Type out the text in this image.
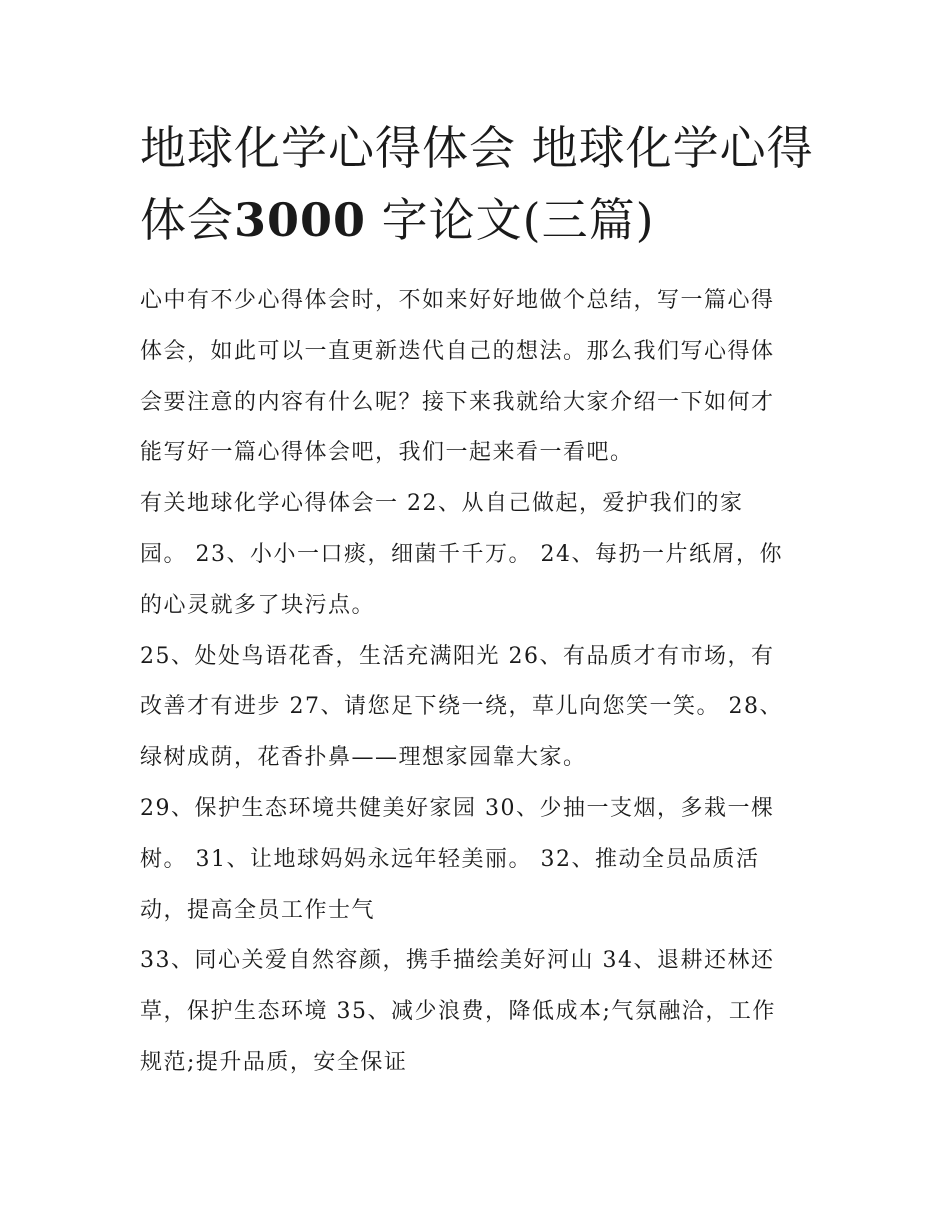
地球化学心得体会 地球化学心得体会3000 字论文(三篇)

心中有不少心得体会时，不如来好好地做个总结，写一篇心得
体会，如此可以一直更新迭代自己的想法。那么我们写心得体
会要注意的内容有什么呢？接下来我就给大家介绍一下如何才
能写好一篇心得体会吧，我们一起来看一看吧。

有关地球化学心得体会一 22、从自己做起，爱护我们的家
园。 23、小小一口痰，细菌千千万。 24、每扔一片纸屑，你
的心灵就多了块污点。

25、处处鸟语花香，生活充满阳光 26、有品质才有市场，有
改善才有进步 27、请您足下绕一绕，草儿向您笑一笑。 28、
绿树成荫，花香扑鼻——理想家园靠大家。

29、保护生态环境共健美好家园 30、少抽一支烟，多栽一棵
树。 31、让地球妈妈永远年轻美丽。 32、推动全员品质活
动，提高全员工作士气

33、同心关爱自然容颜，携手描绘美好河山 34、退耕还林还
草，保护生态环境 35、减少浪费，降低成本;气氛融洽，工作
规范;提升品质，安全保证
